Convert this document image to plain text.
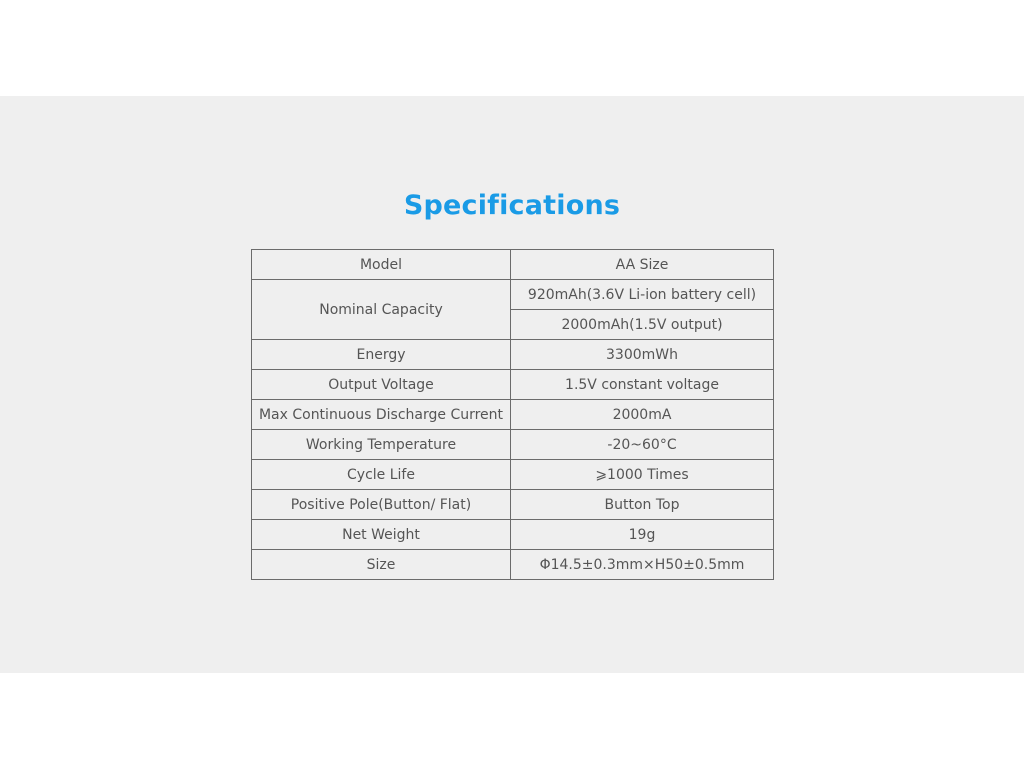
Specifications
Model	AA Size
Nominal Capacity	920mAh(3.6V Li-ion battery cell)
	2000mAh(1.5V output)
Energy	3300mWh
Output Voltage	1.5V constant voltage
Max Continuous Discharge Current	2000mA
Working Temperature	-20~60°C
Cycle Life	⩾1000 Times
Positive Pole(Button/ Flat)	Button Top
Net Weight	19g
Size	Φ14.5±0.3mm×H50±0.5mm
